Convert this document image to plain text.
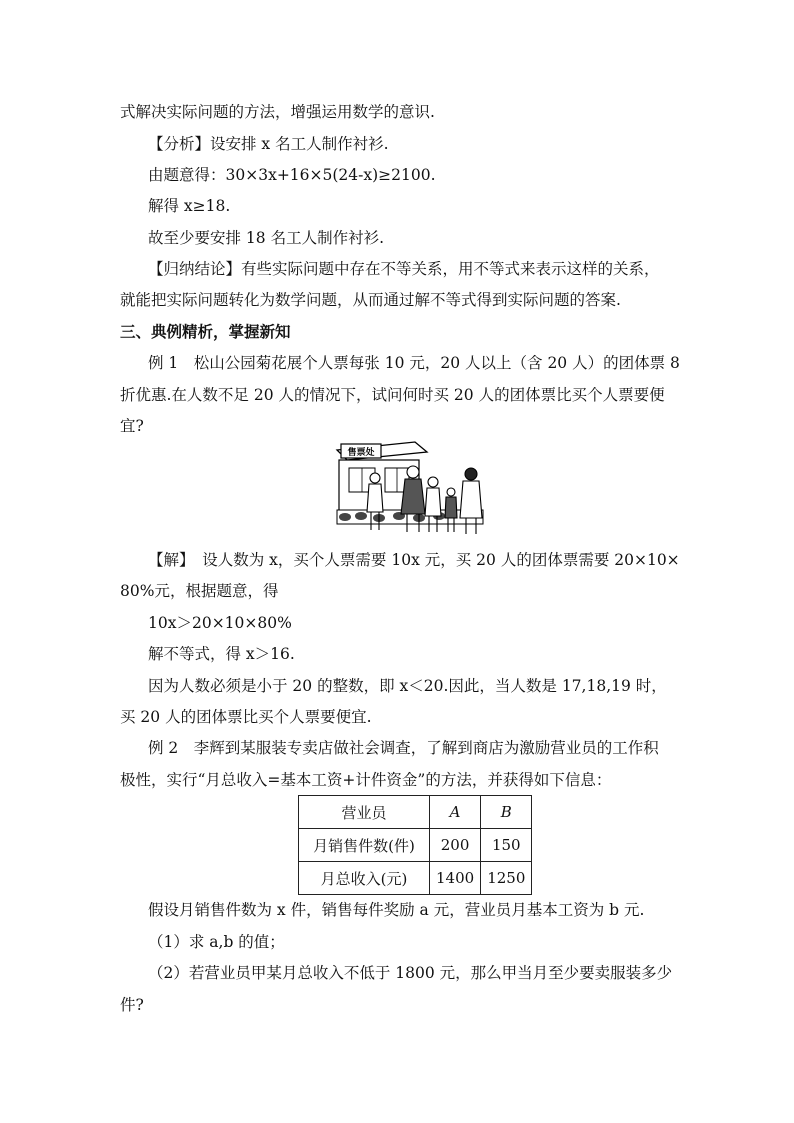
式解决实际问题的方法，增强运用数学的意识.
【分析】设安排 x 名工人制作衬衫.
由题意得：30×3x+16×5(24-x)≥2100.
解得 x≥18.
故至少要安排 18 名工人制作衬衫.
【归纳结论】有些实际问题中存在不等关系，用不等式来表示这样的关系，
就能把实际问题转化为数学问题，从而通过解不等式得到实际问题的答案.
三、典例精析，掌握新知
例 1　松山公园菊花展个人票每张 10 元，20 人以上（含 20 人）的团体票 8
折优惠.在人数不足 20 人的情况下，试问何时买 20 人的团体票比买个人票要便
宜?
售票处
【解】　设人数为 x，买个人票需要 10x 元，买 20 人的团体票需要 20×10×
80%元，根据题意，得
10x＞20×10×80%
解不等式，得 x＞16.
因为人数必须是小于 20 的整数，即 x＜20.因此，当人数是 17,18,19 时，
买 20 人的团体票比买个人票要便宜.
例 2　李辉到某服装专卖店做社会调查，了解到商店为激励营业员的工作积
极性，实行“月总收入=基本工资+计件资金”的方法，并获得如下信息：
营业员	A	B
月销售件数(件)	200	150
月总收入(元)	1400	1250
假设月销售件数为 x 件，销售每件奖励 a 元，营业员月基本工资为 b 元.
（1）求 a,b 的值；
（2）若营业员甲某月总收入不低于 1800 元，那么甲当月至少要卖服装多少
件?
